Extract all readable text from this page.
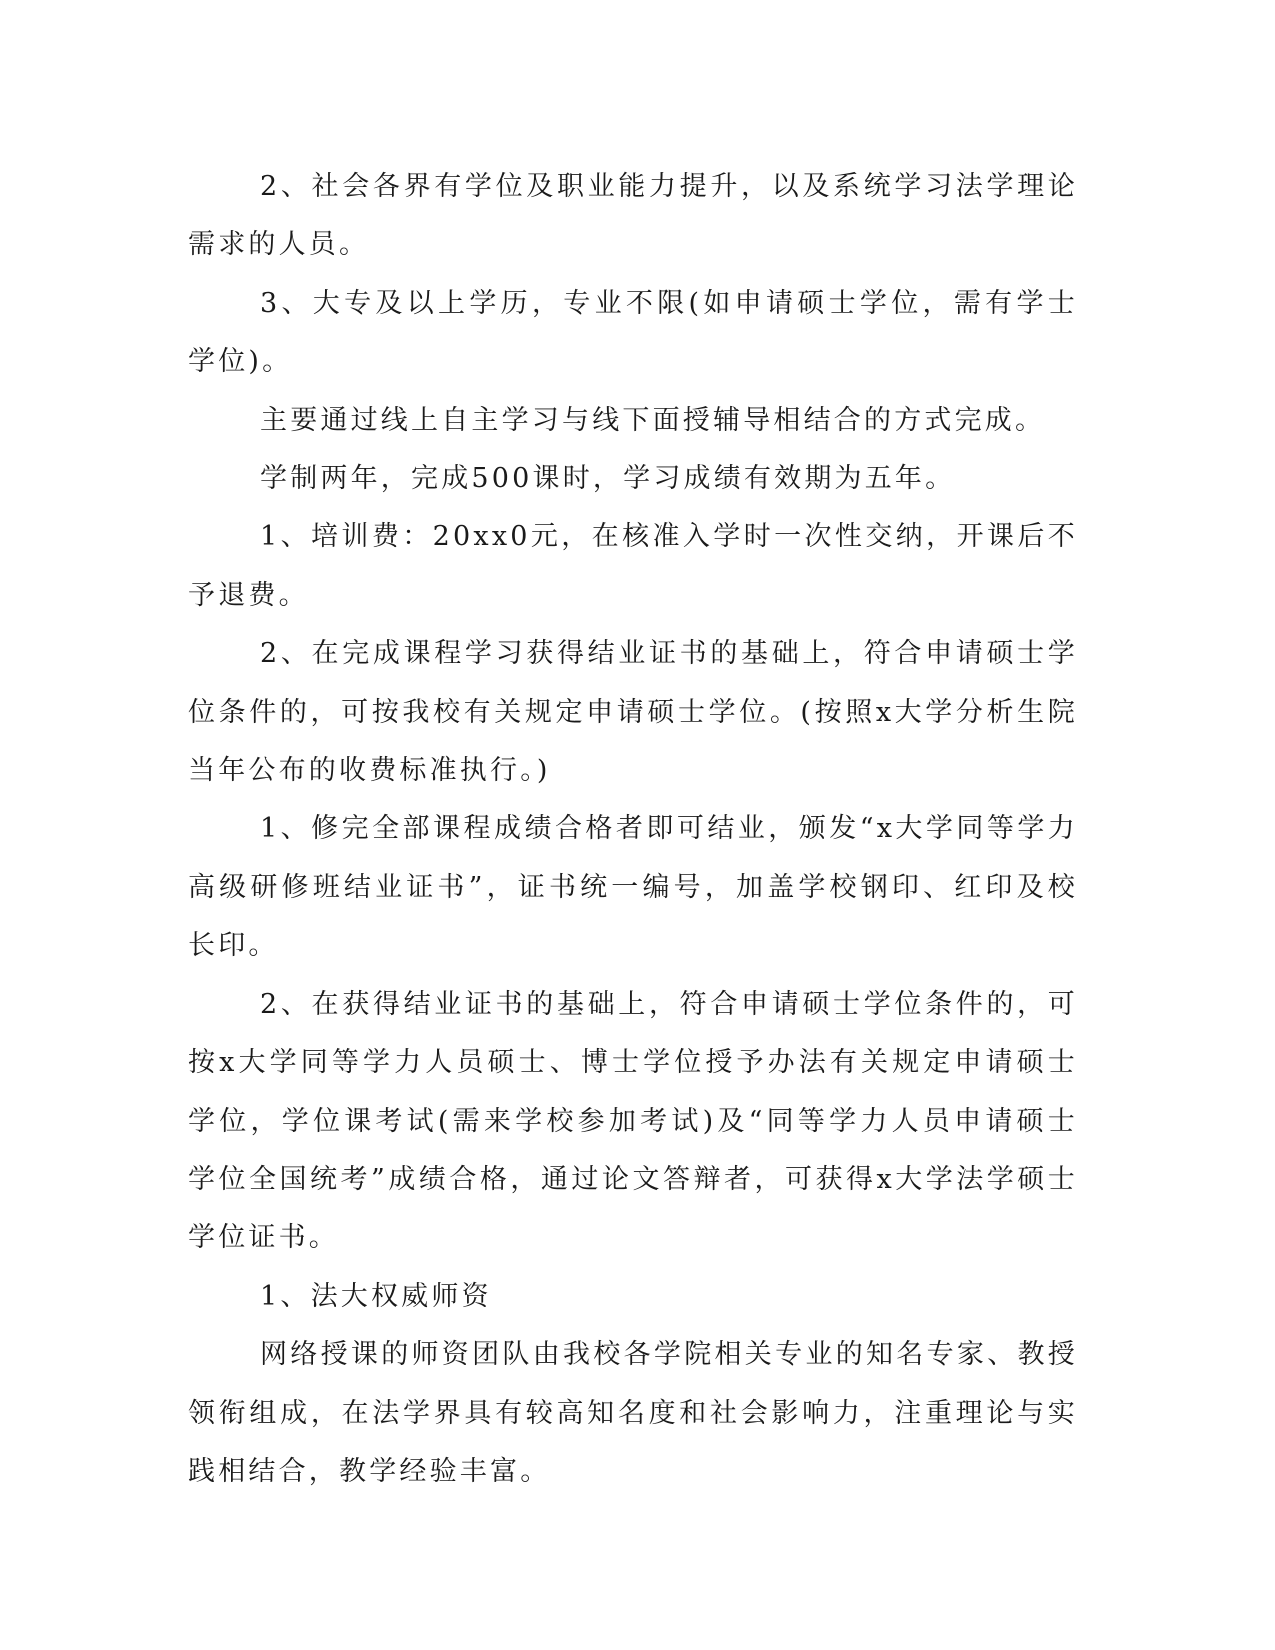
2、社会各界有学位及职业能力提升，以及系统学习法学理论需求的人员。

3、大专及以上学历，专业不限(如申请硕士学位，需有学士学位)。

主要通过线上自主学习与线下面授辅导相结合的方式完成。

学制两年，完成500课时，学习成绩有效期为五年。

1、培训费：20xx0元，在核准入学时一次性交纳，开课后不予退费。

2、在完成课程学习获得结业证书的基础上，符合申请硕士学位条件的，可按我校有关规定申请硕士学位。(按照x大学分析生院当年公布的收费标准执行。)

1、修完全部课程成绩合格者即可结业，颁发“x大学同等学力高级研修班结业证书”，证书统一编号，加盖学校钢印、红印及校长印。

2、在获得结业证书的基础上，符合申请硕士学位条件的，可按x大学同等学力人员硕士、博士学位授予办法有关规定申请硕士学位，学位课考试(需来学校参加考试)及“同等学力人员申请硕士学位全国统考”成绩合格，通过论文答辩者，可获得x大学法学硕士学位证书。

1、法大权威师资

网络授课的师资团队由我校各学院相关专业的知名专家、教授领衔组成，在法学界具有较高知名度和社会影响力，注重理论与实践相结合，教学经验丰富。
